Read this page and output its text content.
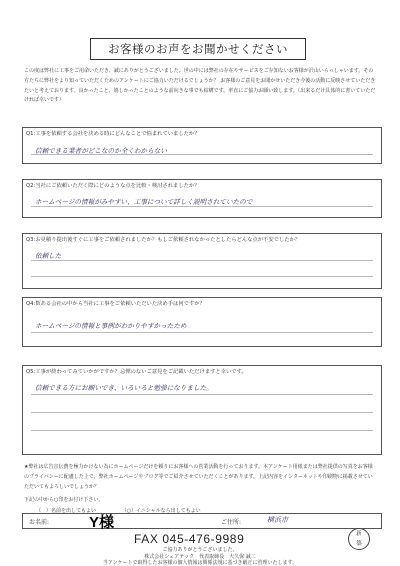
お客様のお声をお聞かせください
この度は弊社に工事をご用命いただき、誠にありがとうございました。世の中には弊社の存在やサービスをご存知ないお客様が沢山いらっしゃいます。その方たちに弊社をより知っていただくためのアンケートにご協力いただけるでしょうか？ お客様のご意見をお聞かせいただき今後の活動に反映させていただきたいと考えております。良かったこと、嬉しかったことのような前向きな事でも結構です。率直にご協力お願い致します。（出来るだけ具体的に書いていただければ幸いです）
Q1:工事を依頼する会社を決める時にどんなことで悩まれていましたか？
信頼できる業者がどこなのか全くわからない
Q2:当社にご依頼いただく際にどのような点を比較・検討されましたか？
ホームページの情報がみやすい、工事について詳しく説明されていたので
Q3:お見積り提出後すぐに工事をご依頼されましたか？もしご依頼されなかったとしたらどんな点が不安でしたか？
依頼した
Q4:数ある会社の中から当社に工事をご依頼いただいた決め手は何ですか？
ホームページの情報と事例がわかりやすかったため
Q5:工事が終わってみていかがですか？忌憚のないご意見をご記載いただけますと幸いです。
信頼できる方にお願いでき、いろいろと勉強になりました。
★弊社は広告宣伝費を極力かけない為にホームページだけを頼りにお客様への営業活動を行っております。本アンケート用紙または弊社提供の写真をお客様のプライバシーに配慮した上で、弊社ホームページやブログ等でご紹介させていただくことがあります。上記内容をインターネットや印刷物に掲載させていただいてもよろしいでしょうか？
下記の中から○印をお付け下さい。
（　）名前を出してもよい	（○）イニシャルなら出してもよい
お名前:	Y様	ご住所:	横浜市
FAX 045-476-9989	新
築
ご協力ありがとうございました。
株式会社シェアテック　代表取締役　大久保 誠二
当アンケートで取得したお客様の個人情報は関係法規に基づき厳正に管理いたします。
